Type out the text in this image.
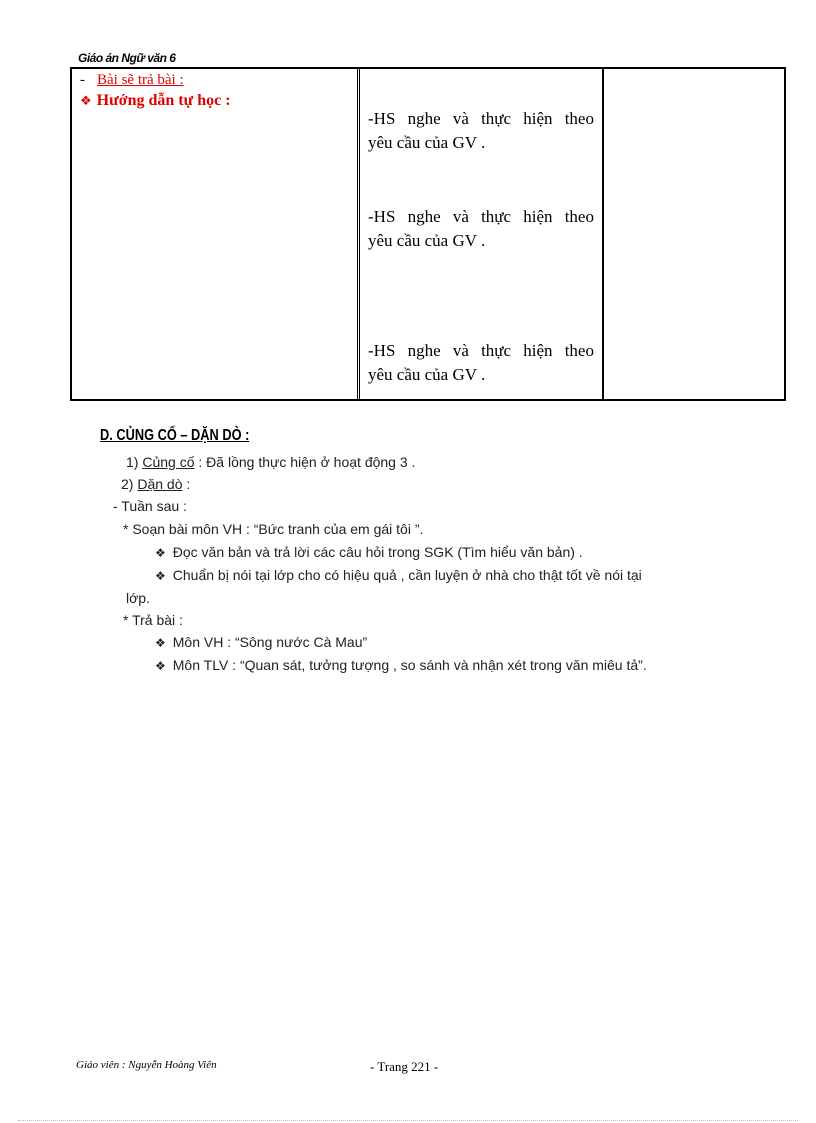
Giáo án Ngữ văn 6
- Bài sẽ trả bài :
❖ Hướng dẫn tự học :
-HS nghe và thực hiện theo
yêu cầu của GV .
-HS nghe và thực hiện theo
yêu cầu của GV .
-HS nghe và thực hiện theo
yêu cầu của GV .
D. CỦNG CỐ – DẶN DÒ :
1) Củng cố : Đã lồng thực hiện ở hoạt động 3 .
2) Dặn dò :
- Tuần sau :
* Soạn bài môn VH : “Bức tranh của em gái tôi ”.
❖ Đọc văn bản và trả lời các câu hỏi trong SGK (Tìm hiểu văn bản) .
❖ Chuẩn bị nói tại lớp cho có hiệu quả , cần luyện ở nhà cho thật tốt về nói tại
lớp.
* Trả bài :
❖ Môn VH : “Sông nước Cà Mau”
❖ Môn TLV : “Quan sát, tưởng tượng , so sánh và nhận xét trong văn miêu tả”.
Giáo viên : Nguyễn Hoàng Viên	- Trang 221 -
